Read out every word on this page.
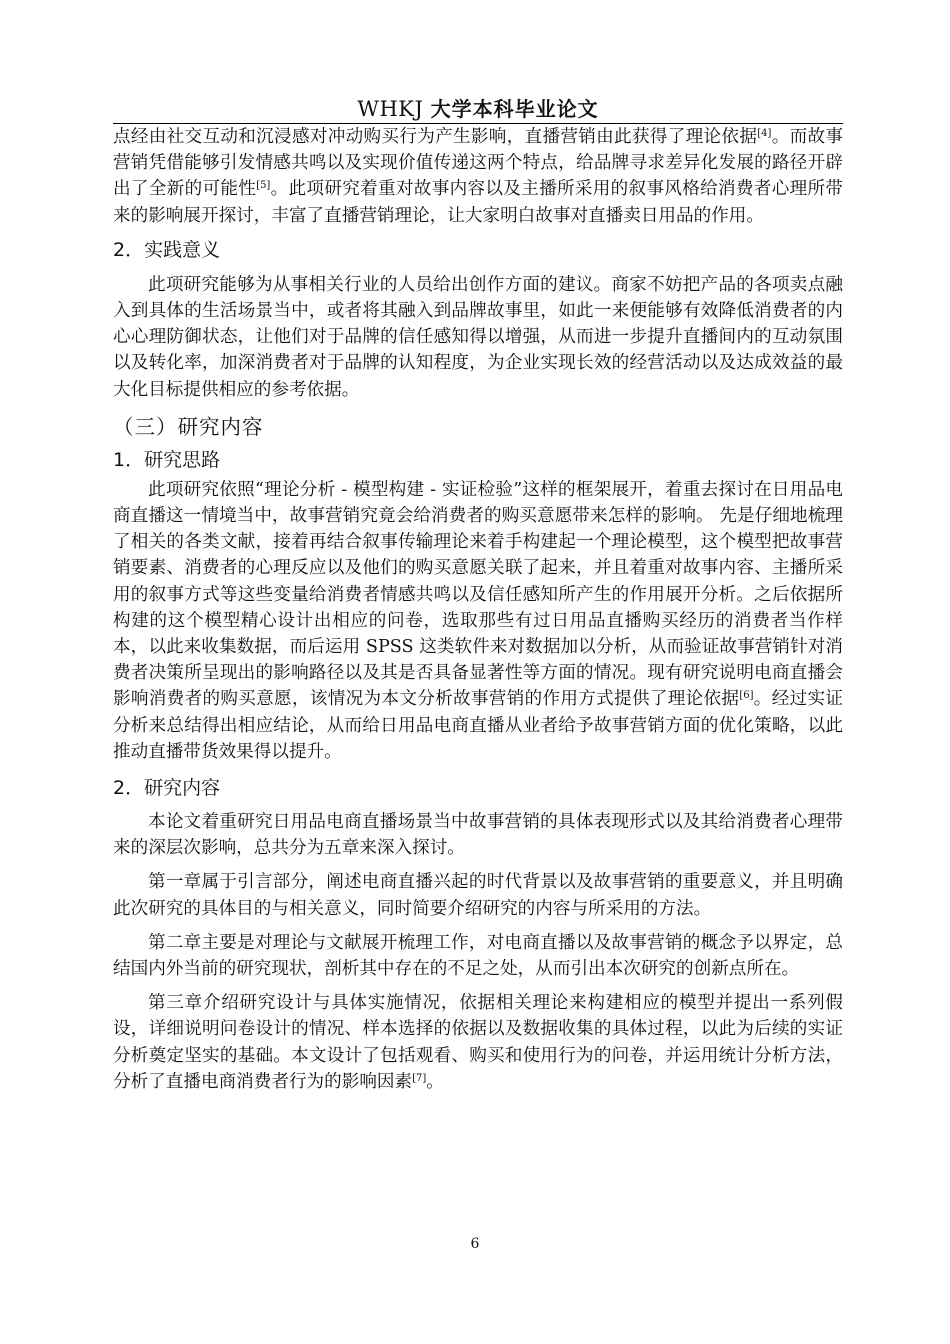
WHKJ 大学本科毕业论文

点经由社交互动和沉浸感对冲动购买行为产生影响，直播营销由此获得了理论依据[4]。而故事营销凭借能够引发情感共鸣以及实现价值传递这两个特点，给品牌寻求差异化发展的路径开辟出了全新的可能性[5]。此项研究着重对故事内容以及主播所采用的叙事风格给消费者心理所带来的影响展开探讨，丰富了直播营销理论，让大家明白故事对直播卖日用品的作用。

2．实践意义

此项研究能够为从事相关行业的人员给出创作方面的建议。商家不妨把产品的各项卖点融入到具体的生活场景当中，或者将其融入到品牌故事里，如此一来便能够有效降低消费者的内心心理防御状态，让他们对于品牌的信任感知得以增强，从而进一步提升直播间内的互动氛围以及转化率，加深消费者对于品牌的认知程度，为企业实现长效的经营活动以及达成效益的最大化目标提供相应的参考依据。

（三）研究内容
1．研究思路

此项研究依照“理论分析 - 模型构建 - 实证检验”这样的框架展开，着重去探讨在日用品电商直播这一情境当中，故事营销究竟会给消费者的购买意愿带来怎样的影响。 先是仔细地梳理了相关的各类文献，接着再结合叙事传输理论来着手构建起一个理论模型，这个模型把故事营销要素、消费者的心理反应以及他们的购买意愿关联了起来，并且着重对故事内容、主播所采用的叙事方式等这些变量给消费者情感共鸣以及信任感知所产生的作用展开分析。之后依据所构建的这个模型精心设计出相应的问卷，选取那些有过日用品直播购买经历的消费者当作样本，以此来收集数据，而后运用 SPSS 这类软件来对数据加以分析，从而验证故事营销针对消费者决策所呈现出的影响路径以及其是否具备显著性等方面的情况。现有研究说明电商直播会影响消费者的购买意愿，该情况为本文分析故事营销的作用方式提供了理论依据[6]。经过实证分析来总结得出相应结论，从而给日用品电商直播从业者给予故事营销方面的优化策略，以此推动直播带货效果得以提升。

2．研究内容

本论文着重研究日用品电商直播场景当中故事营销的具体表现形式以及其给消费者心理带来的深层次影响，总共分为五章来深入探讨。

第一章属于引言部分，阐述电商直播兴起的时代背景以及故事营销的重要意义，并且明确此次研究的具体目的与相关意义，同时简要介绍研究的内容与所采用的方法。

第二章主要是对理论与文献展开梳理工作，对电商直播以及故事营销的概念予以界定，总结国内外当前的研究现状，剖析其中存在的不足之处，从而引出本次研究的创新点所在。

第三章介绍研究设计与具体实施情况，依据相关理论来构建相应的模型并提出一系列假设，详细说明问卷设计的情况、样本选择的依据以及数据收集的具体过程，以此为后续的实证分析奠定坚实的基础。本文设计了包括观看、购买和使用行为的问卷，并运用统计分析方法，分析了直播电商消费者行为的影响因素[7]。

6
